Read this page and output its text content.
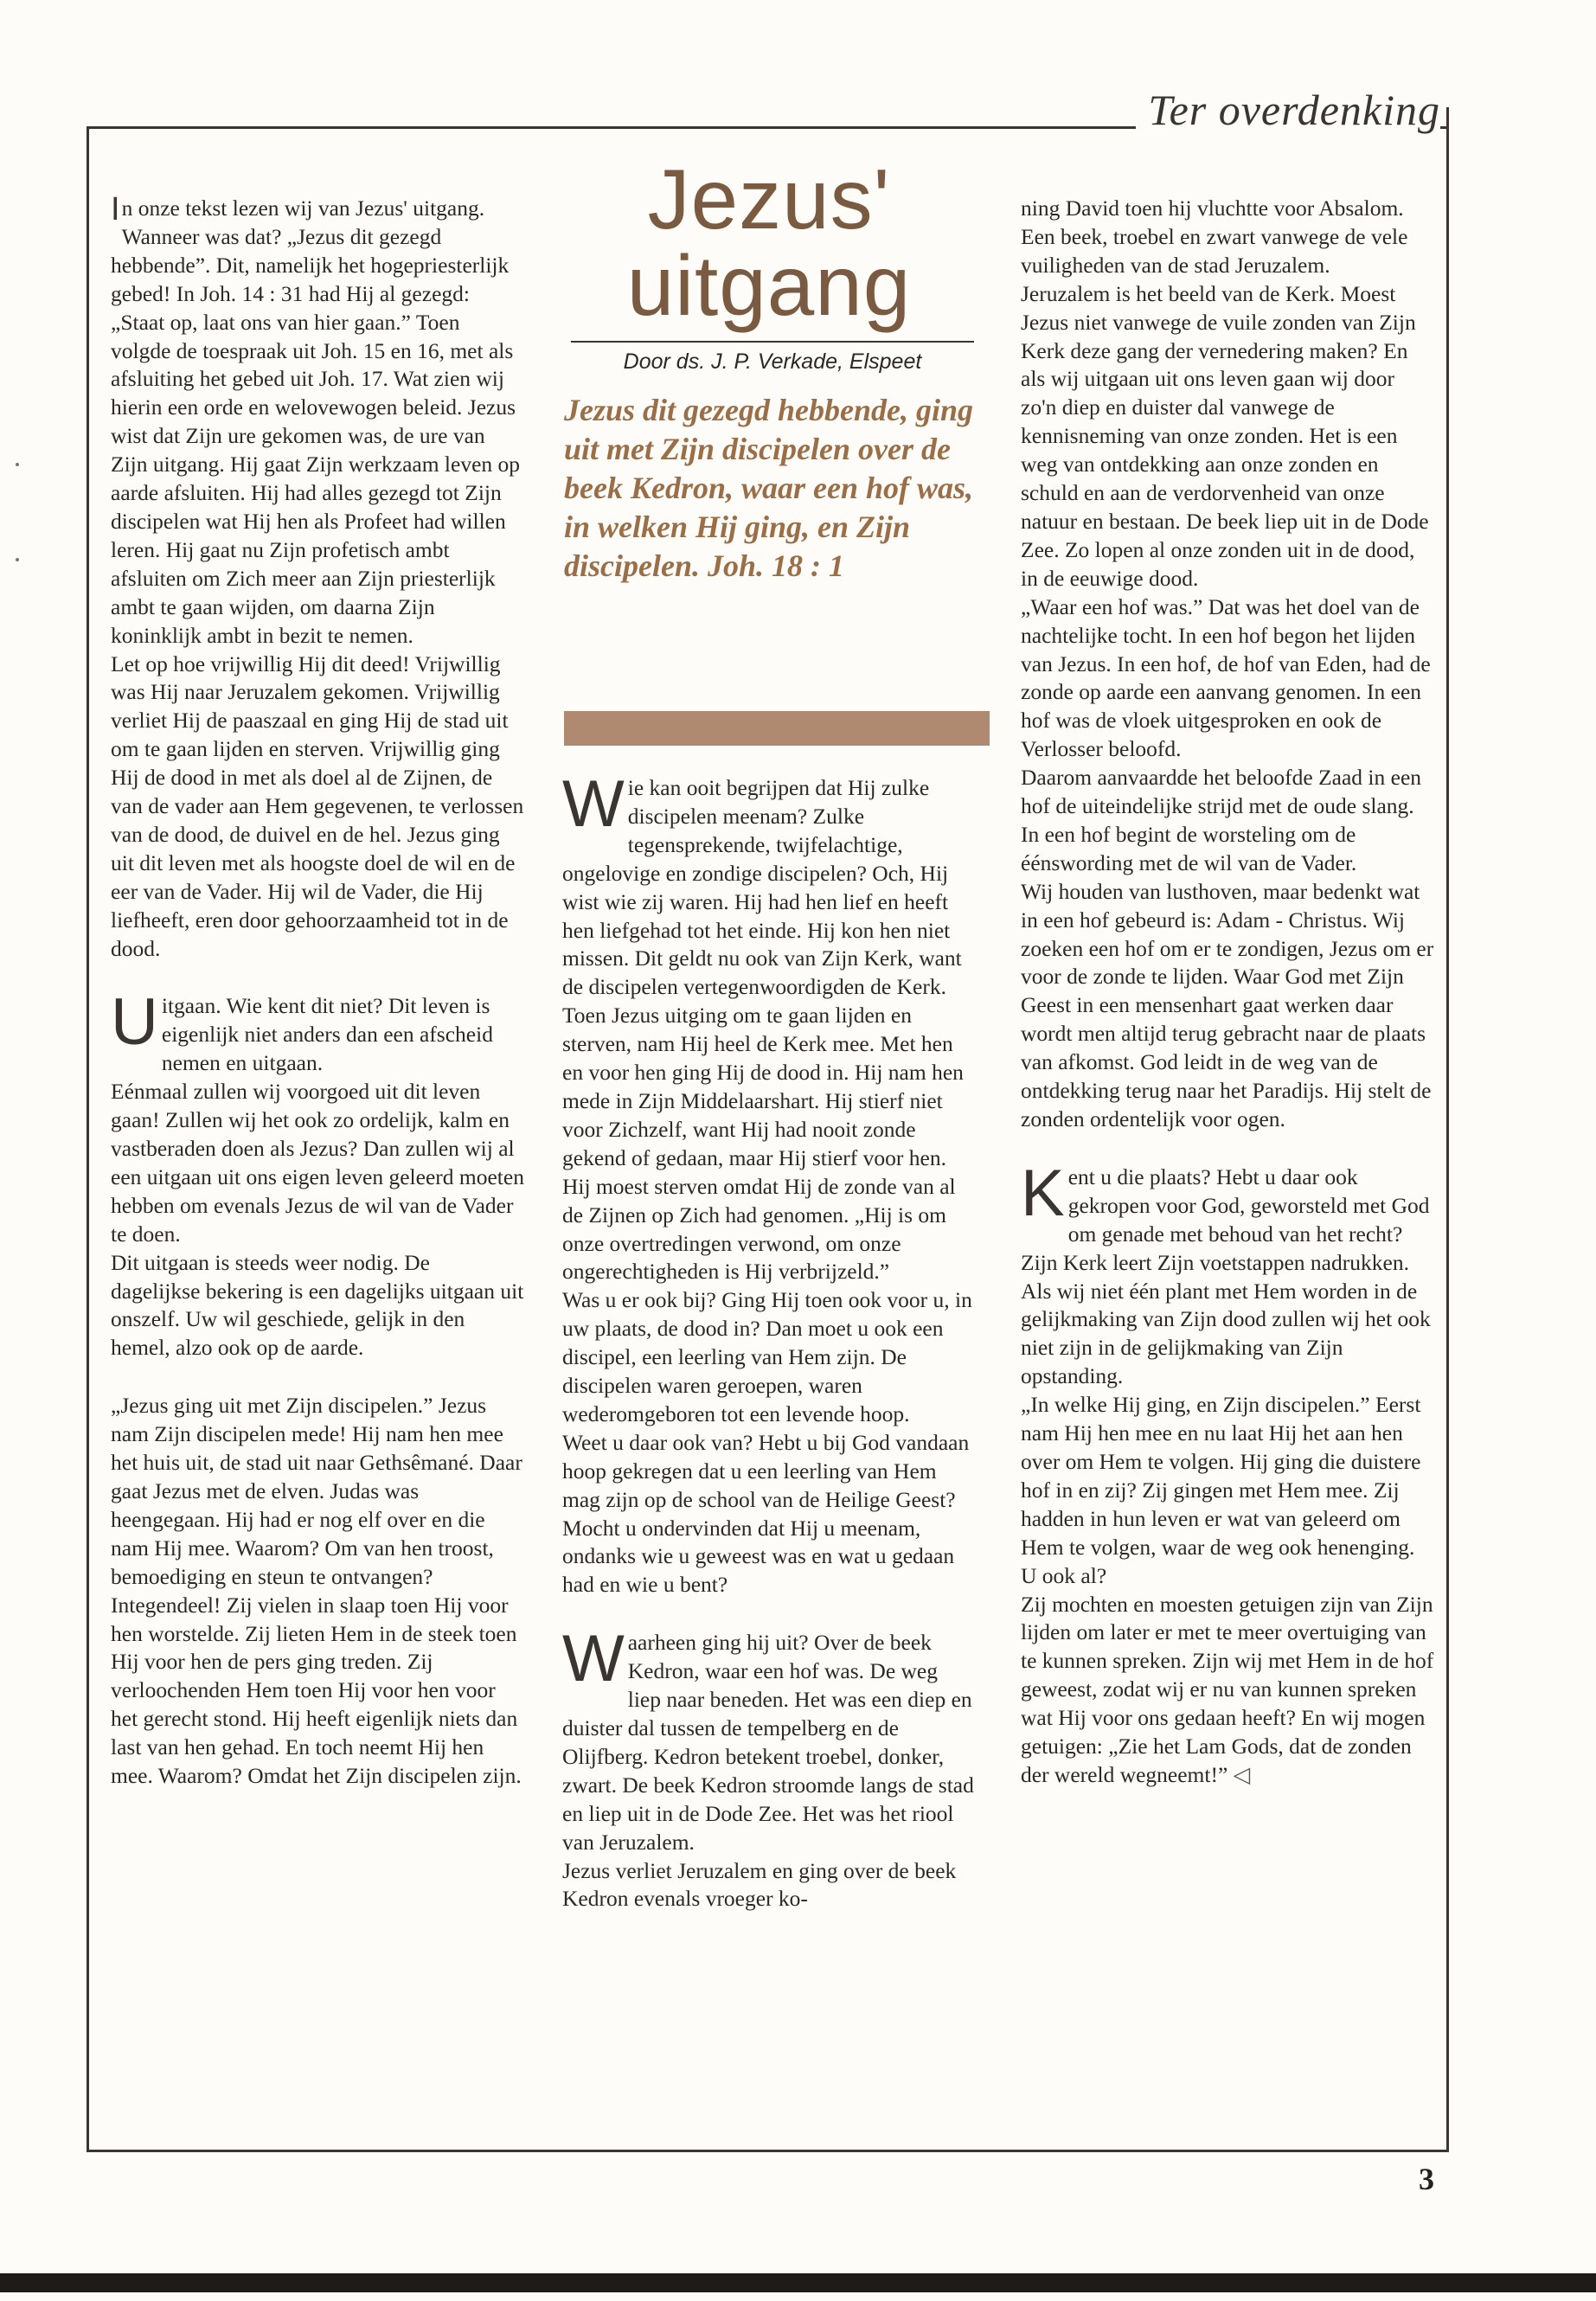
Ter overdenking

I n onze tekst lezen wij van Jezus' uitgang. Wanneer was dat? „Jezus dit gezegd hebbende”. Dit, namelijk het hogepriesterlijk gebed! In Joh. 14 : 31 had Hij al gezegd: „Staat op, laat ons van hier gaan.” Toen volgde de toespraak uit Joh. 15 en 16, met als afsluiting het gebed uit Joh. 17. Wat zien wij hierin een orde en welovewogen beleid. Jezus wist dat Zijn ure gekomen was, de ure van Zijn uitgang. Hij gaat Zijn werkzaam leven op aarde afsluiten. Hij had alles gezegd tot Zijn discipelen wat Hij hen als Profeet had willen leren. Hij gaat nu Zijn profetisch ambt afsluiten om Zich meer aan Zijn priesterlijk ambt te gaan wijden, om daarna Zijn koninklijk ambt in bezit te nemen.

Let op hoe vrijwillig Hij dit deed! Vrijwillig was Hij naar Jeruzalem gekomen. Vrijwillig verliet Hij de paaszaal en ging Hij de stad uit om te gaan lijden en sterven. Vrijwillig ging Hij de dood in met als doel al de Zijnen, de van de vader aan Hem gegevenen, te verlossen van de dood, de duivel en de hel. Jezus ging uit dit leven met als hoogste doel de wil en de eer van de Vader. Hij wil de Vader, die Hij liefheeft, eren door gehoorzaamheid tot in de dood.

Uitgaan. Wie kent dit niet? Dit leven is eigenlijk niet anders dan een afscheid nemen en uitgaan.

Eénmaal zullen wij voorgoed uit dit leven gaan! Zullen wij het ook zo ordelijk, kalm en vastberaden doen als Jezus? Dan zullen wij al een uitgaan uit ons eigen leven geleerd moeten hebben om evenals Jezus de wil van de Vader te doen.

Dit uitgaan is steeds weer nodig. De dagelijkse bekering is een dagelijks uitgaan uit onszelf. Uw wil geschiede, gelijk in den hemel, alzo ook op de aarde.

„Jezus ging uit met Zijn discipelen.” Jezus nam Zijn discipelen mede! Hij nam hen mee het huis uit, de stad uit naar Gethsêmané. Daar gaat Jezus met de elven. Judas was heengegaan. Hij had er nog elf over en die nam Hij mee. Waarom? Om van hen troost, bemoediging en steun te ontvangen? Integendeel! Zij vielen in slaap toen Hij voor hen worstelde. Zij lieten Hem in de steek toen Hij voor hen de pers ging treden. Zij verloochenden Hem toen Hij voor hen voor het gerecht stond. Hij heeft eigenlijk niets dan last van hen gehad. En toch neemt Hij hen mee. Waarom? Omdat het Zijn discipelen zijn.

Jezus'
uitgang
Door ds. J. P. Verkade, Elspeet
Jezus dit gezegd hebbende, ging uit met Zijn discipelen over de beek Kedron, waar een hof was, in welken Hij ging, en Zijn discipelen. Joh. 18 : 1

Wie kan ooit begrijpen dat Hij zulke discipelen meenam? Zulke tegensprekende, twijfelachtige, ongelovige en zondige discipelen? Och, Hij wist wie zij waren. Hij had hen lief en heeft hen liefgehad tot het einde. Hij kon hen niet missen. Dit geldt nu ook van Zijn Kerk, want de discipelen vertegenwoordigden de Kerk.

Toen Jezus uitging om te gaan lijden en sterven, nam Hij heel de Kerk mee. Met hen en voor hen ging Hij de dood in. Hij nam hen mede in Zijn Middelaarshart. Hij stierf niet voor Zichzelf, want Hij had nooit zonde gekend of gedaan, maar Hij stierf voor hen. Hij moest sterven omdat Hij de zonde van al de Zijnen op Zich had genomen. „Hij is om onze overtredingen verwond, om onze ongerechtigheden is Hij verbrijzeld.”

Was u er ook bij? Ging Hij toen ook voor u, in uw plaats, de dood in? Dan moet u ook een discipel, een leerling van Hem zijn. De discipelen waren geroepen, waren wederomgeboren tot een levende hoop.

Weet u daar ook van? Hebt u bij God vandaan hoop gekregen dat u een leerling van Hem mag zijn op de school van de Heilige Geest? Mocht u ondervinden dat Hij u meenam, ondanks wie u geweest was en wat u gedaan had en wie u bent?

Waarheen ging hij uit? Over de beek Kedron, waar een hof was. De weg liep naar beneden. Het was een diep en duister dal tussen de tempelberg en de Olijfberg. Kedron betekent troebel, donker, zwart. De beek Kedron stroomde langs de stad en liep uit in de Dode Zee. Het was het riool van Jeruzalem.

Jezus verliet Jeruzalem en ging over de beek Kedron evenals vroeger ko-

ning David toen hij vluchtte voor Absalom. Een beek, troebel en zwart vanwege de vele vuiligheden van de stad Jeruzalem.

Jeruzalem is het beeld van de Kerk. Moest Jezus niet vanwege de vuile zonden van Zijn Kerk deze gang der vernedering maken? En als wij uitgaan uit ons leven gaan wij door zo'n diep en duister dal vanwege de kennisneming van onze zonden. Het is een weg van ontdekking aan onze zonden en schuld en aan de verdorvenheid van onze natuur en bestaan. De beek liep uit in de Dode Zee. Zo lopen al onze zonden uit in de dood, in de eeuwige dood.

„Waar een hof was.” Dat was het doel van de nachtelijke tocht. In een hof begon het lijden van Jezus. In een hof, de hof van Eden, had de zonde op aarde een aanvang genomen. In een hof was de vloek uitgesproken en ook de Verlosser beloofd.

Daarom aanvaardde het beloofde Zaad in een hof de uiteindelijke strijd met de oude slang. In een hof begint de worsteling om de éénswording met de wil van de Vader.

Wij houden van lusthoven, maar bedenkt wat in een hof gebeurd is: Adam - Christus. Wij zoeken een hof om er te zondigen, Jezus om er voor de zonde te lijden. Waar God met Zijn Geest in een mensenhart gaat werken daar wordt men altijd terug gebracht naar de plaats van afkomst. God leidt in de weg van de ontdekking terug naar het Paradijs. Hij stelt de zonden ordentelijk voor ogen.

Kent u die plaats? Hebt u daar ook gekropen voor God, geworsteld met God om genade met behoud van het recht? Zijn Kerk leert Zijn voetstappen nadrukken. Als wij niet één plant met Hem worden in de gelijkmaking van Zijn dood zullen wij het ook niet zijn in de gelijkmaking van Zijn opstanding.

„In welke Hij ging, en Zijn discipelen.” Eerst nam Hij hen mee en nu laat Hij het aan hen over om Hem te volgen. Hij ging die duistere hof in en zij? Zij gingen met Hem mee. Zij hadden in hun leven er wat van geleerd om Hem te volgen, waar de weg ook henenging. U ook al?

Zij mochten en moesten getuigen zijn van Zijn lijden om later er met te meer overtuiging van te kunnen spreken. Zijn wij met Hem in de hof geweest, zodat wij er nu van kunnen spreken wat Hij voor ons gedaan heeft? En wij mogen getuigen: „Zie het Lam Gods, dat de zonden der wereld wegneemt!” ◁

3
